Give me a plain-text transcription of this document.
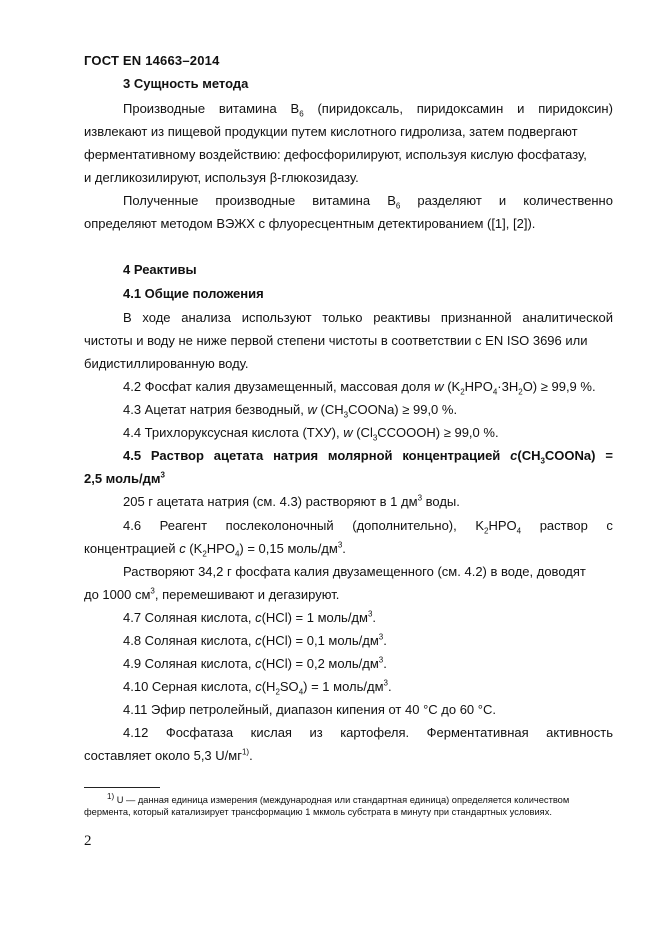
ГОСТ EN 14663–2014
3 Сущность метода
Производные витамина $В_6$ (пиридоксаль, пиридоксамин и пиридоксин)
извлекают из пищевой продукции путем кислотного гидролиза, затем подвергают
ферментативному воздействию: дефосфорилируют, используя кислую фосфатазу,
и дегликозилируют, используя β-глюкозидазу.
Полученные производные витамина $В_6$ разделяют и количественно
определяют методом ВЭЖХ с флуоресцентным детектированием ([1], [2]).
4 Реактивы
4.1 Общие положения
В ходе анализа используют только реактивы признанной аналитической
чистоты и воду не ниже первой степени чистоты в соответствии с EN ISO 3696 или
бидистиллированную воду.
4.2 Фосфат калия двузамещенный, массовая доля w $(K_2HPO_4\cdot 3H_2O) \ge 99,9$ %.
4.3 Ацетат натрия безводный, w $(CH_3COONa) \ge 99,0$ %.
4.4 Трихлоруксусная кислота (ТХУ), w $(Cl_3CCOOOH) \ge 99,0$ %.
4.5 Раствор ацетата натрия молярной концентрацией $c(CH_3COONa)$ =
2,5 моль/$дм^3$
205 г ацетата натрия (см. 4.3) растворяют в 1 $дм^3$ воды.
4.6 Реагент послеколоночный (дополнительно), $K_2HPO_4$ раствор с
концентрацией c $(K_2HPO_4) = 0,15$ моль/$дм^3$.
Растворяют 34,2 г фосфата калия двузамещенного (см. 4.2) в воде, доводят
до 1000 $см^3$, перемешивают и дегазируют.
4.7 Соляная кислота, c(HCl) = 1 моль/$дм^3$.
4.8 Соляная кислота, c(HCl) = 0,1 моль/$дм^3$.
4.9 Соляная кислота, c(HCl) = 0,2 моль/$дм^3$.
4.10 Серная кислота, $c(H_2SO_4) = 1$ моль/$дм^3$.
4.11 Эфир петролейный, диапазон кипения от 40 °С до 60 °С.
4.12 Фосфатаза кислая из картофеля. Ферментативная активность
составляет около 5,3 $U/мг^{1)}$.
$^{1)}$ U — данная единица измерения (международная или стандартная единица) определяется количеством
фермента, который катализирует трансформацию 1 мкмоль субстрата в минуту при стандартных условиях.
2
